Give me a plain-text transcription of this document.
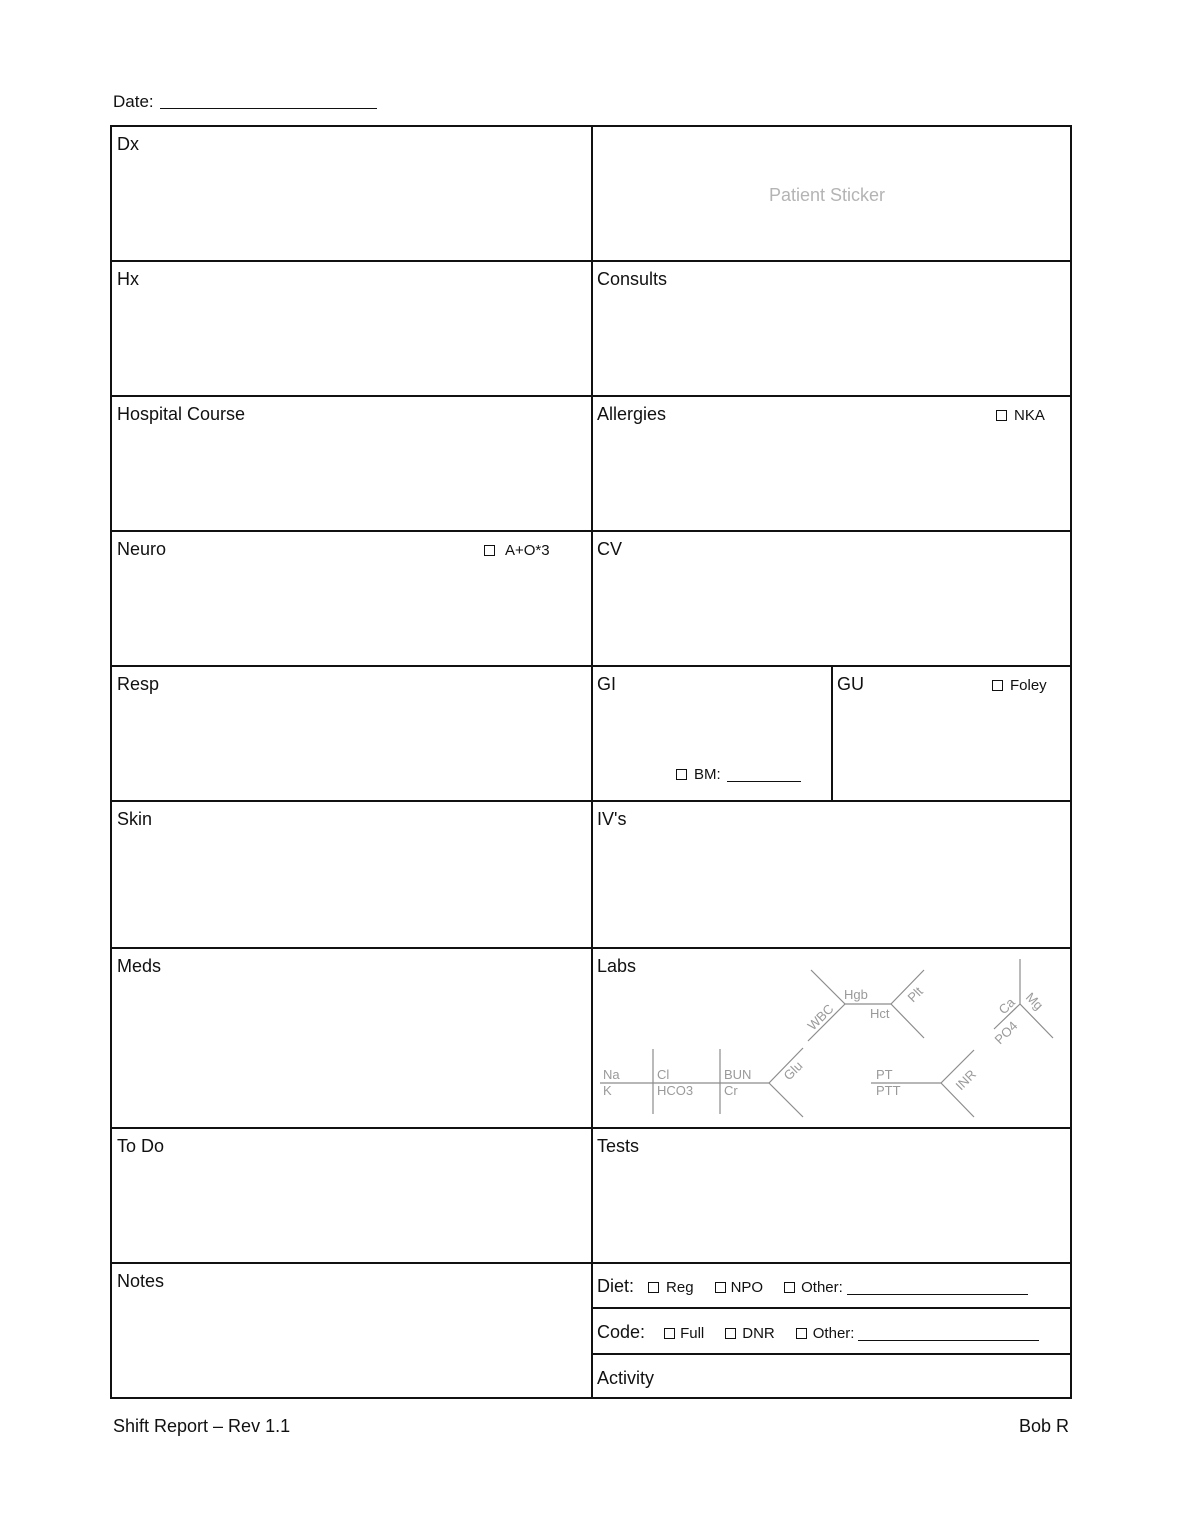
Date:
Dx
Patient Sticker
Hx	Consults
Hospital Course	Allergies	NKA
Neuro	A+O*3	CV
Resp	GI
BM:
GU	Foley
Skin	IV's
Meds	Labs
Na
K
Cl
HCO3
BUN
Cr
Glu
WBC
Hgb
Hct
Plt
Ca Mg
PO4
PT
PTT	INR
To Do	Tests
Notes	Diet: Reg NPO	Other:
Code: Full	DNR	Other:
Activity
Shift Report – Rev 1.1	Bob R
